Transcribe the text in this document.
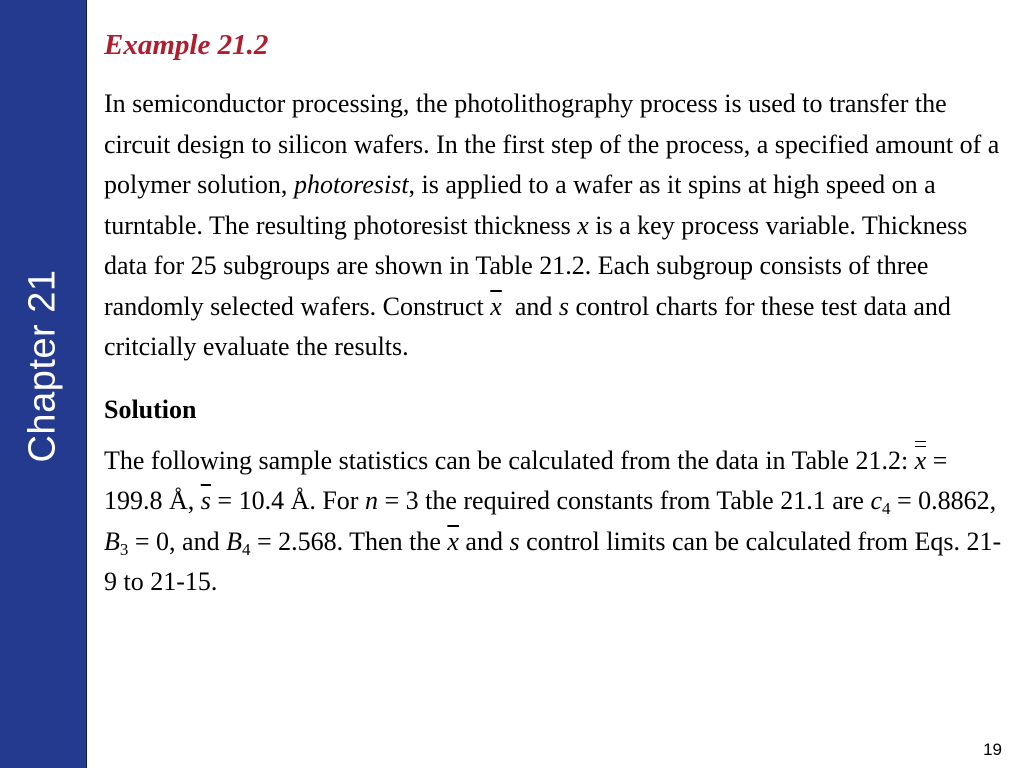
Chapter 21
Example 21.2

In semiconductor processing, the photolithography process is used to transfer the circuit design to silicon wafers. In the first step of the process, a specified amount of a polymer solution, photoresist, is applied to a wafer as it spins at high speed on a turntable. The resulting photoresist thickness x is a key process variable. Thickness data for 25 subgroups are shown in Table 21.2. Each subgroup consists of three randomly selected wafers. Construct $\overline{x}$  and s control charts for these test data and critcially evaluate the results.

Solution

The following sample statistics can be calculated from the data in Table 21.2: x = 199.8 Å, $\overline{s} = 10.4$ Å. For n = 3 the required constants from Table 21.1 are $c_4 = 0.8862$, $B_3 = 0$, and $B_4 = 2.568$. Then the $\overline{x}$ and s control limits can be calculated from Eqs. 21-9 to 21-15.

19
